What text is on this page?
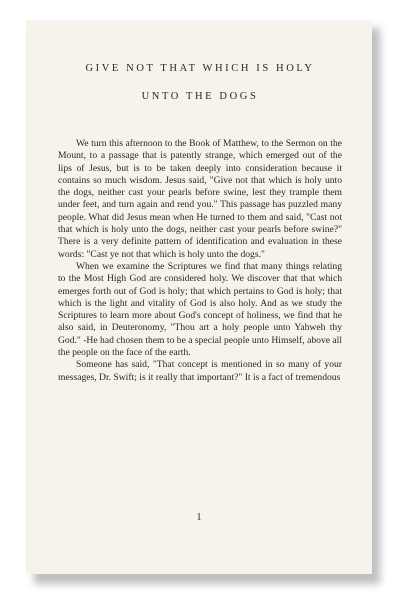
GIVE NOT THAT WHICH IS HOLY
UNTO THE DOGS

We turn this afternoon to the Book of Matthew, to the Sermon on the Mount, to a passage that is patently strange, which emerged out of the lips of Jesus, but is to be taken deeply into consideration because it contains so much wisdom. Jesus said, "Give not that which is holy unto the dogs, neither cast your pearls before swine, lest they trample them under feet, and turn again and rend you." This passage has puzzled many people. What did Jesus mean when He turned to them and said, "Cast not that which is holy unto the dogs, neither cast your pearls before swine?" There is a very definite pattern of identification and evaluation in these words: "Cast ye not that which is holy unto the dogs."

When we examine the Scriptures we find that many things relating to the Most High God are considered holy. We discover that that which emerges forth out of God is holy; that which pertains to God is holy; that which is the light and vitality of God is also holy. And as we study the Scriptures to learn more about God's concept of holiness, we find that he also said, in Deuteronomy, "Thou art a holy people unto Yahweh thy God." -He had chosen them to be a special people unto Himself, above all the people on the face of the earth.

Someone has said, "That concept is mentioned in so many of your messages, Dr. Swift; is it really that important?" It is a fact of tremendous

1
